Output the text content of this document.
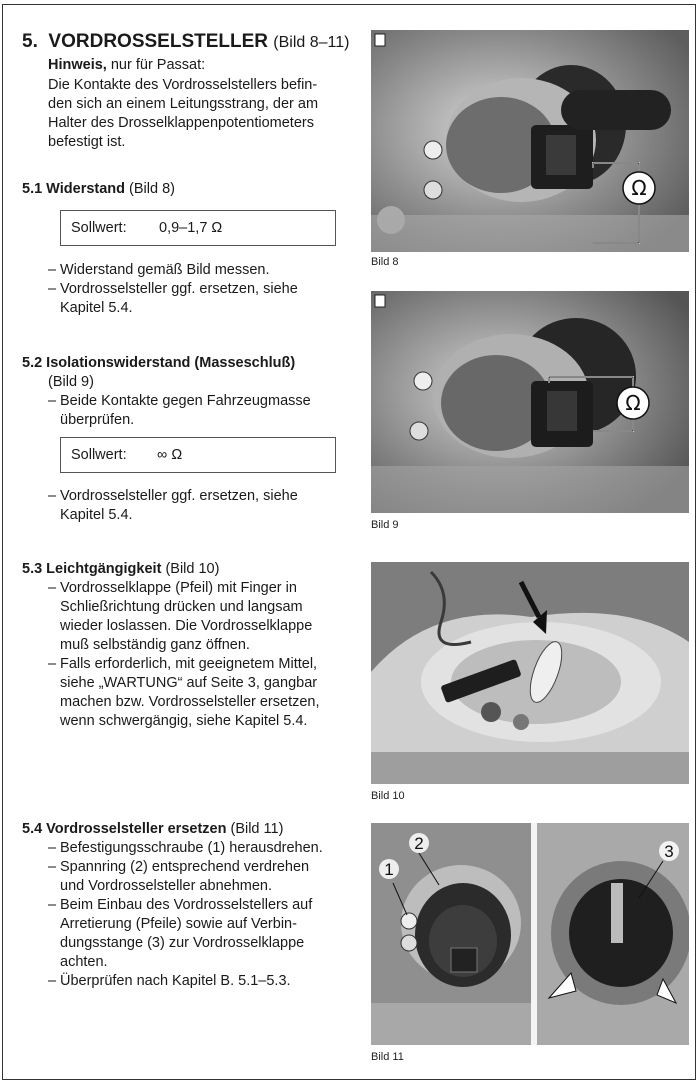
5. VORDROSSELSTELLER (Bild 8–11)
Hinweis, nur für Passat:
Die Kontakte des Vordrosselstellers befin-
den sich an einem Leitungsstrang, der am
Halter des Drosselklappenpotentiometers
befestigt ist.
5.1 Widerstand (Bild 8)
Sollwert:	0,9–1,7 Ω
– Widerstand gemäß Bild messen.
– Vordrosselsteller ggf. ersetzen, siehe
Kapitel 5.4.
5.2 Isolationswiderstand (Masseschluß)
(Bild 9)
– Beide Kontakte gegen Fahrzeugmasse
überprüfen.
Sollwert:	∞ Ω
– Vordrosselsteller ggf. ersetzen, siehe
Kapitel 5.4.
5.3 Leichtgängigkeit (Bild 10)
– Vordrosselklappe (Pfeil) mit Finger in
Schließrichtung drücken und langsam
wieder loslassen. Die Vordrosselklappe
muß selbständig ganz öffnen.
– Falls erforderlich, mit geeignetem Mittel,
siehe „WARTUNG“ auf Seite 3, gangbar
machen bzw. Vordrosselsteller ersetzen,
wenn schwergängig, siehe Kapitel 5.4.
5.4 Vordrosselsteller ersetzen (Bild 11)
– Befestigungsschraube (1) herausdrehen.
– Spannring (2) entsprechend verdrehen
und Vordrosselsteller abnehmen.
– Beim Einbau des Vordrosselstellers auf
Arretierung (Pfeile) sowie auf Verbin-
dungsstange (3) zur Vordrosselklappe
achten.
– Überprüfen nach Kapitel B. 5.1–5.3.
Ω
Bild 8
Ω
Bild 9
Bild 10
1
2	3
Bild 11
